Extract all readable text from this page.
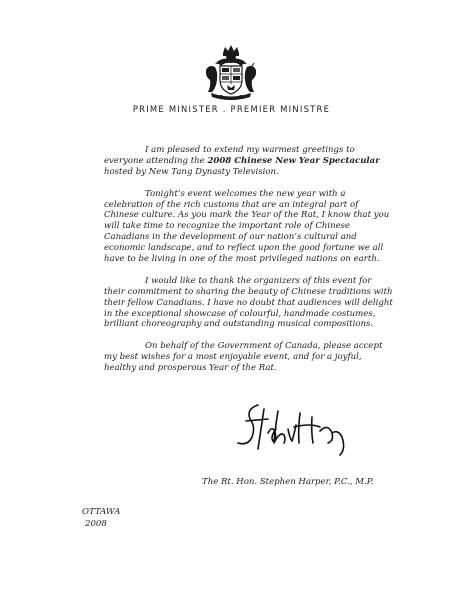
PRIME MINISTER . PREMIER MINISTRE

I am pleased to extend my warmest greetings to everyone attending the 2008 Chinese New Year Spectacular hosted by New Tang Dynasty Television.

Tonight’s event welcomes the new year with a celebration of the rich customs that are an integral part of Chinese culture. As you mark the Year of the Rat, I know that you will take time to recognize the important role of Chinese Canadians in the development of our nation’s cultural and economic landscape, and to reflect upon the good fortune we all have to be living in one of the most privileged nations on earth.

I would like to thank the organizers of this event for their commitment to sharing the beauty of Chinese traditions with their fellow Canadians. I have no doubt that audiences will delight in the exceptional showcase of colourful, handmade costumes, brilliant choreography and outstanding musical compositions.

On behalf of the Government of Canada, please accept my best wishes for a most enjoyable event, and for a joyful, healthy and prosperous Year of the Rat.

The Rt. Hon. Stephen Harper, P.C., M.P.
OTTAWA
2008
